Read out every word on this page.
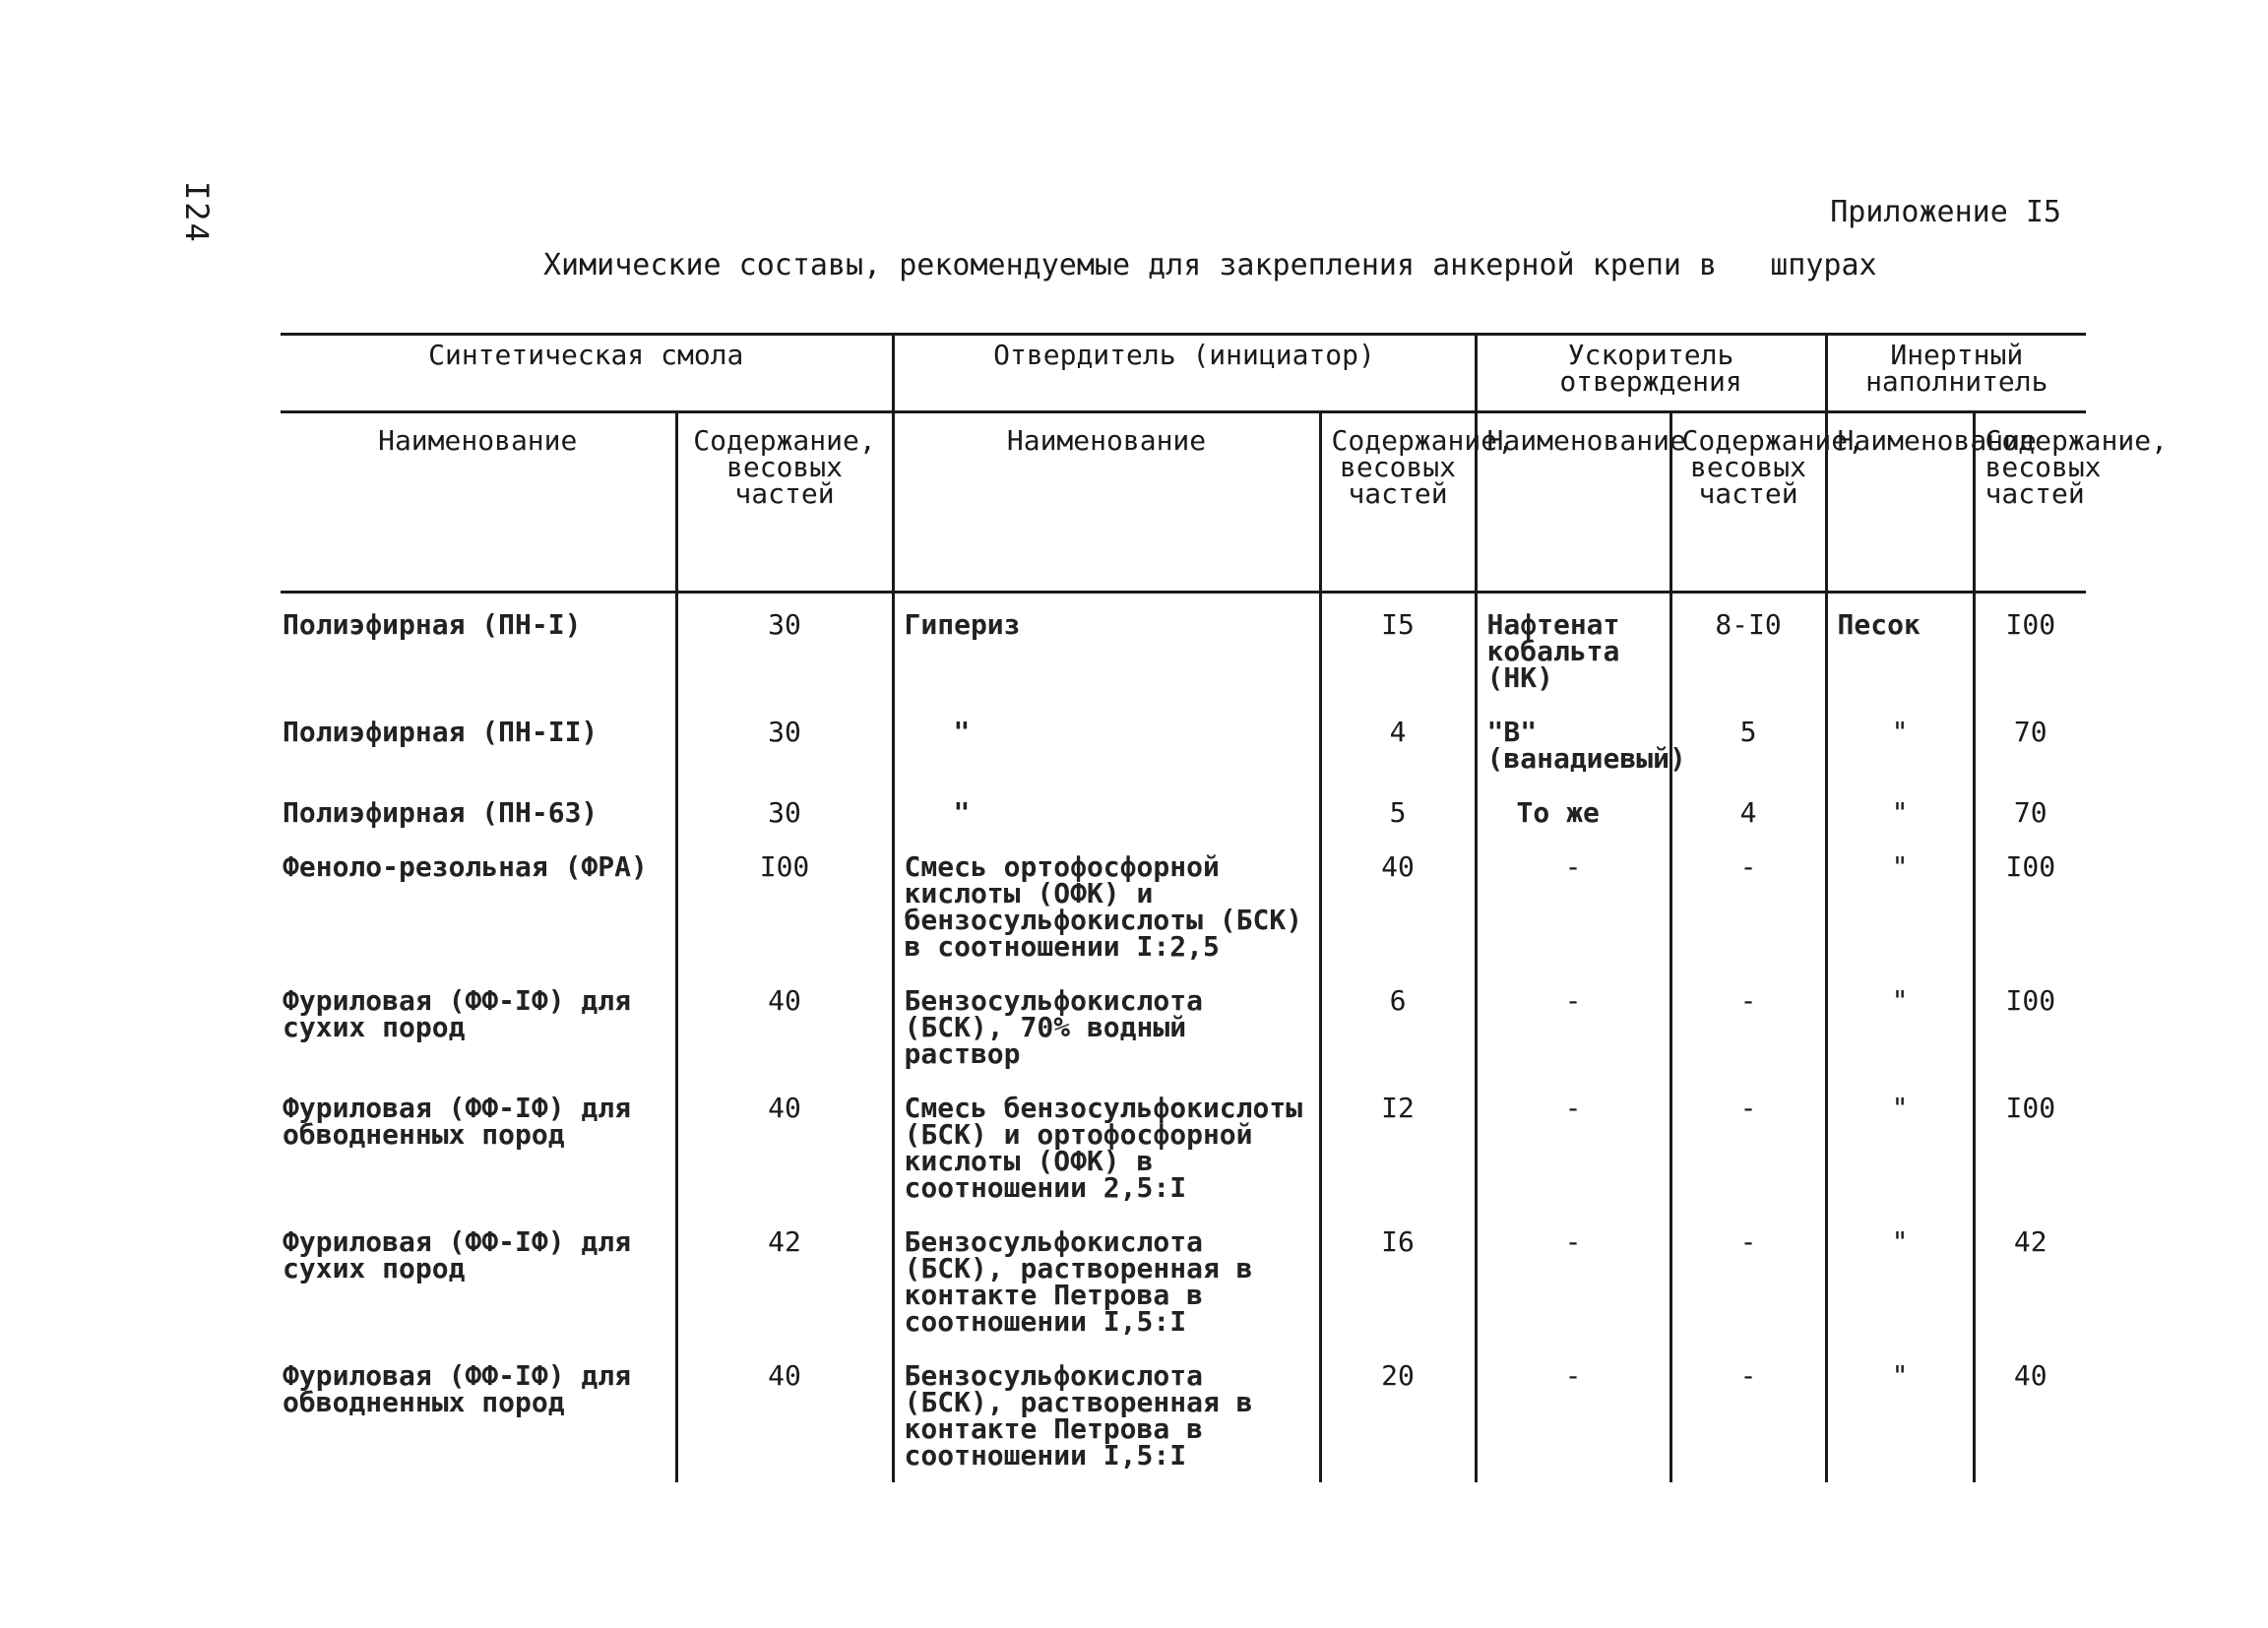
I24	Приложение I5
Химические составы, рекомендуемые для закрепления анкерной крепи в   шпурах
Синтетическая смола		Отвердитель (инициатор)		Ускоритель отверждения		Инертный наполнитель	
Наименование	Содержание, весовых частей	Наименование	Содержание, весовых частей	Наименование	Содержание, весовых частей	Наименование	Содержание, весовых частей
Полиэфирная (ПН-I)	30	Гипериз	I5	Нафтенат кобальта (НК)	8-I0	Песок	I00
Полиэфирная (ПН-II)	30	"	4	"В" (ванадиевый)	5	"	70
Полиэфирная (ПН-63)	30	"	5	То же	4	"	70
Феноло-резольная (ФРА)	I00	Смесь ортофосфорной кислоты (ОФК) и бензосульфокислоты (БСК) в соотношении I:2,5	40	-	-	"	I00
Фуриловая (ФФ-IФ) для сухих пород	40	Бензосульфокислота (БСК), 70% водный раствор	6	-	-	"	I00
Фуриловая (ФФ-IФ) для обводненных пород	40	Смесь бензосульфокислоты (БСК) и ортофосфорной кислоты (ОФК) в соотношении 2,5:I	I2	-	-	"	I00
Фуриловая (ФФ-IФ) для сухих пород	42	Бензосульфокислота (БСК), растворенная в контакте Петрова в соотношении I,5:I	I6	-	-	"	42
Фуриловая (ФФ-IФ) для обводненных пород	40	Бензосульфокислота (БСК), растворенная в контакте Петрова в соотношении I,5:I	20	-	-	"	40
